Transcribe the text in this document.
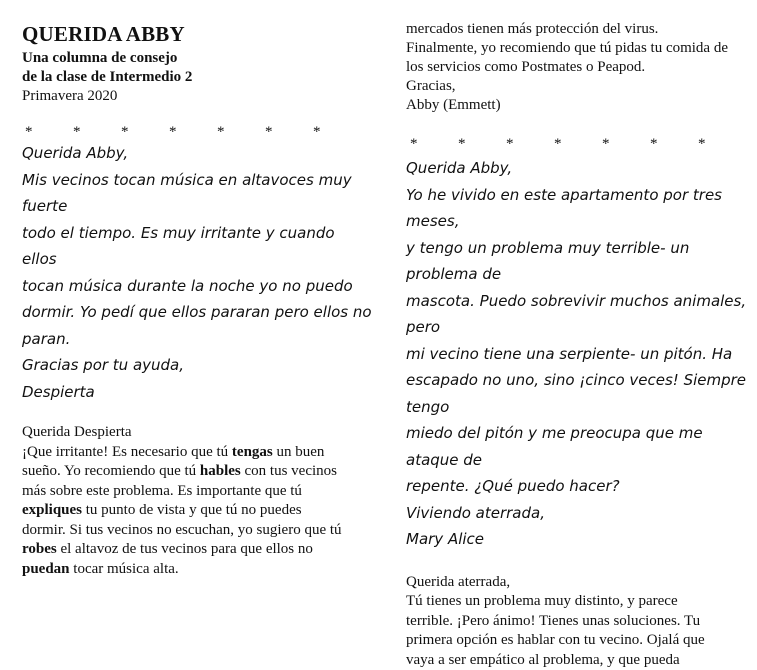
QUERIDA ABBY
Una columna de consejo
de la clase de Intermedio 2
Primavera 2020
*	*	*	*	*	*	*
Querida Abby,
Mis vecinos tocan música en altavoces muy fuerte
todo el tiempo. Es muy irritante y cuando ellos
tocan música durante la noche yo no puedo
dormir. Yo pedí que ellos pararan pero ellos no
paran.
Gracias por tu ayuda,
Despierta
Querida Despierta
¡Que irritante! Es necesario que tú tengas un buen
sueño. Yo recomiendo que tú hables con tus vecinos
más sobre este problema. Es importante que tú
expliques tu punto de vista y que tú no puedes
dormir. Si tus vecinos no escuchan, yo sugiero que tú
robes el altavoz de tus vecinos para que ellos no
puedan tocar música alta.
mercados tienen más protección del virus.
Finalmente, yo recomiendo que tú pidas tu comida de
los servicios como Postmates o Peapod.
Gracias,
Abby (Emmett)
*	*	*	*	*	*	*
Querida Abby,
Yo he vivido en este apartamento por tres meses,
y tengo un problema muy terrible- un problema de
mascota. Puedo sobrevivir muchos animales, pero
mi vecino tiene una serpiente- un pitón. Ha
escapado no uno, sino ¡cinco veces! Siempre tengo
miedo del pitón y me preocupa que me ataque de
repente. ¿Qué puedo hacer?
Viviendo aterrada,
Mary Alice
Querida aterrada,
Tú tienes un problema muy distinto, y parece
terrible. ¡Pero ánimo! Tienes unas soluciones. Tu
primera opción es hablar con tu vecino. Ojalá que
vaya a ser empático al problema, y que pueda
